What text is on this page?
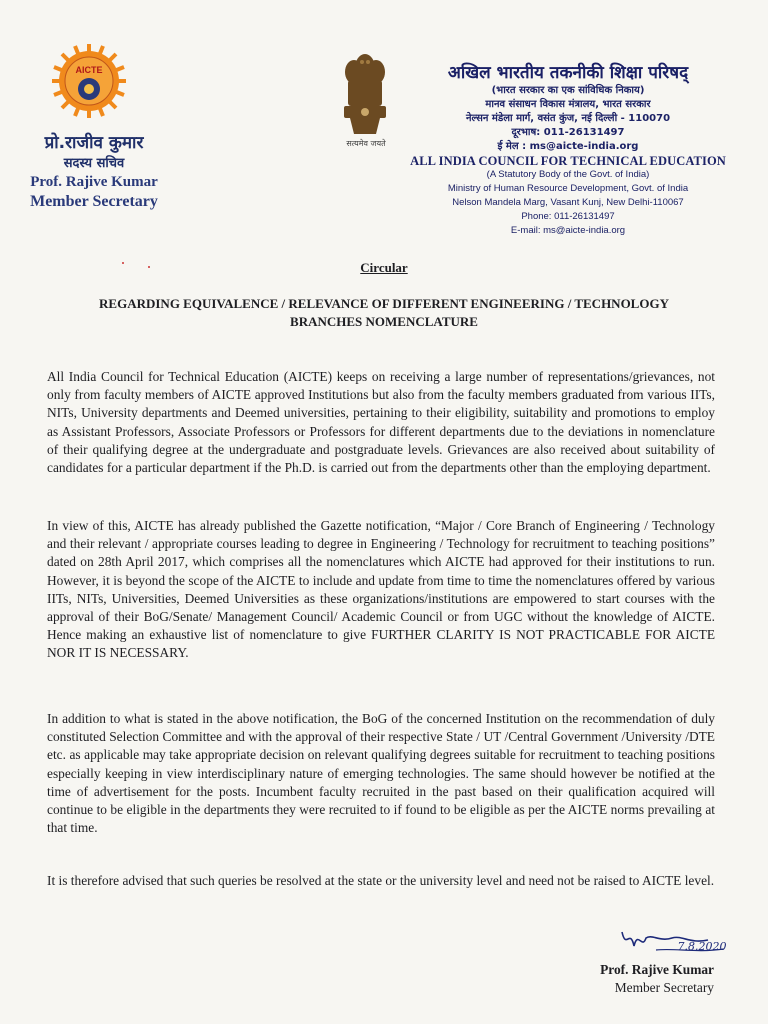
AICTE
प्रो.राजीव कुमार
सदस्य सचिव
Prof. Rajive Kumar
Member Secretary
सत्यमेव जयते
अखिल भारतीय तकनीकी शिक्षा परिषद्
(भारत सरकार का एक सांविधिक निकाय)
मानव संसाधन विकास मंत्रालय, भारत सरकार
नेल्सन मंडेला मार्ग, वसंत कुंज, नई दिल्ली - 110070
दूरभाष: 011-26131497
ई मेल : ms@aicte-india.org
ALL INDIA COUNCIL FOR TECHNICAL EDUCATION
(A Statutory Body of the Govt. of India)
Ministry of Human Resource Development, Govt. of India
Nelson Mandela Marg, Vasant Kunj, New Delhi-110067
Phone: 011-26131497
E-mail: ms@aicte-india.org
Circular
REGARDING EQUIVALENCE / RELEVANCE OF DIFFERENT ENGINEERING / TECHNOLOGY
BRANCHES NOMENCLATURE

All India Council for Technical Education (AICTE) keeps on receiving a large number of representations/grievances, not only from faculty members of AICTE approved Institutions but also from the faculty members graduated from various IITs, NITs, University departments and Deemed universities, pertaining to their eligibility, suitability and promotions to employ as Assistant Professors, Associate Professors or Professors for different departments due to the deviations in nomenclature of their qualifying degree at the undergraduate and postgraduate levels. Grievances are also received about suitability of candidates for a particular department if the Ph.D. is carried out from the departments other than the employing department.

In view of this, AICTE has already published the Gazette notification, “Major / Core Branch of Engineering / Technology and their relevant / appropriate courses leading to degree in Engineering / Technology for recruitment to teaching positions” dated on 28th April 2017, which comprises all the nomenclatures which AICTE had approved for their institutions to run. However, it is beyond the scope of the AICTE to include and update from time to time the nomenclatures offered by various IITs, NITs, Universities, Deemed Universities as these organizations/institutions are empowered to start courses with the approval of their BoG/Senate/ Management Council/ Academic Council or from UGC without the knowledge of AICTE. Hence making an exhaustive list of nomenclature to give FURTHER CLARITY IS NOT PRACTICABLE FOR AICTE NOR IT IS NECESSARY.

In addition to what is stated in the above notification, the BoG of the concerned Institution on the recommendation of duly constituted Selection Committee and with the approval of their respective State / UT /Central Government /University /DTE etc. as applicable may take appropriate decision on relevant qualifying degrees suitable for recruitment to teaching positions especially keeping in view interdisciplinary nature of emerging technologies. The same should however be notified at the time of advertisement for the posts. Incumbent faculty recruited in the past based on their qualification acquired will continue to be eligible in the departments they were recruited to if found to be eligible as per the AICTE norms prevailing at that time.

It is therefore advised that such queries be resolved at the state or the university level and need not be raised to AICTE level.

7.8.2020
Prof. Rajive Kumar
Member Secretary
